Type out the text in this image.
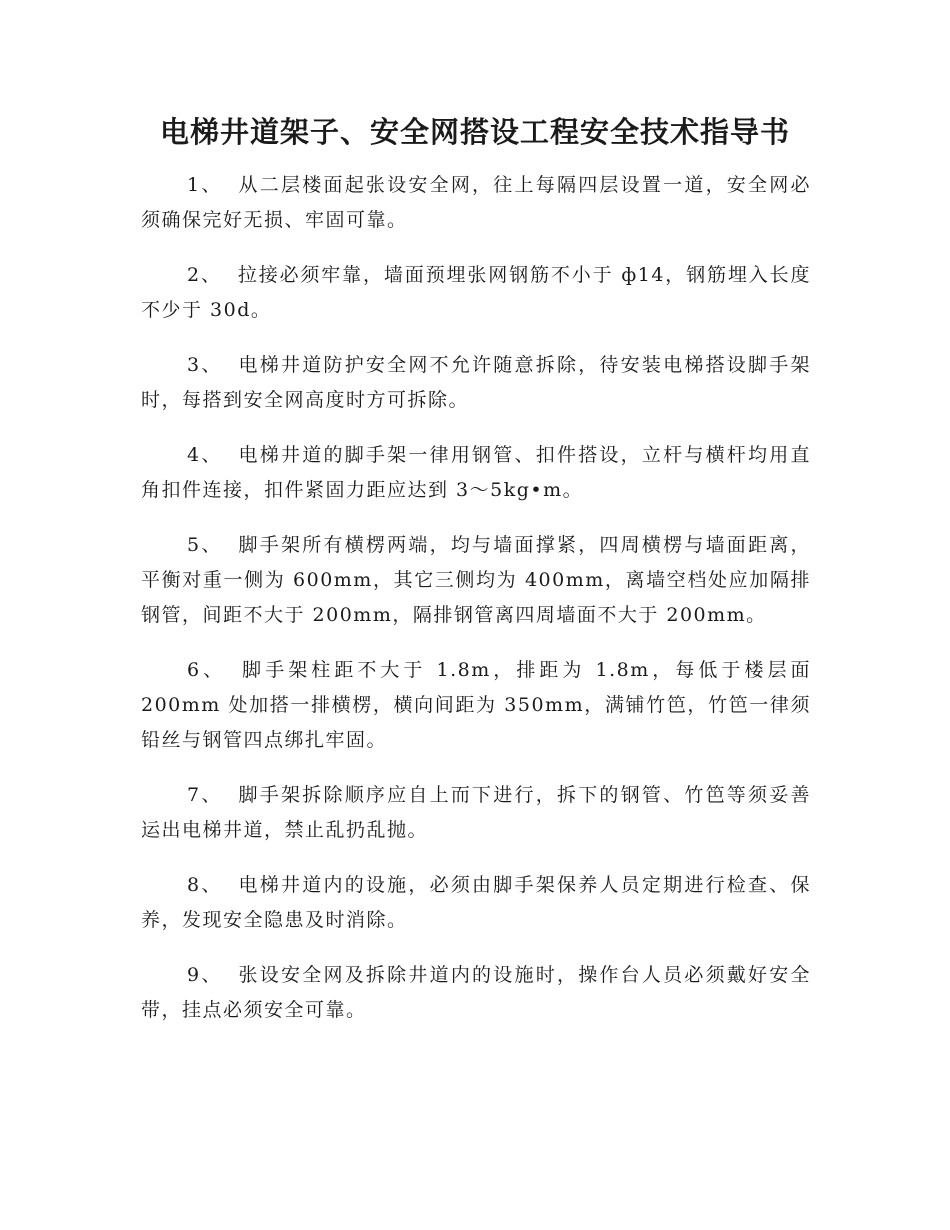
电梯井道架子、安全网搭设工程安全技术指导书

1、 从二层楼面起张设安全网，往上每隔四层设置一道，安全网必须确保完好无损、牢固可靠。

2、 拉接必须牢靠，墙面预埋张网钢筋不小于 ф14，钢筋埋入长度不少于 30d。

3、 电梯井道防护安全网不允许随意拆除，待安装电梯搭设脚手架时，每搭到安全网高度时方可拆除。

4、 电梯井道的脚手架一律用钢管、扣件搭设，立杆与横杆均用直角扣件连接，扣件紧固力距应达到 3～5kg•m。

5、 脚手架所有横楞两端，均与墙面撑紧，四周横楞与墙面距离，平衡对重一侧为 600mm，其它三侧均为 400mm，离墙空档处应加隔排钢管，间距不大于 200mm，隔排钢管离四周墙面不大于 200mm。

6、 脚手架柱距不大于 1.8m，排距为 1.8m，每低于楼层面 200mm 处加搭一排横楞，横向间距为 350mm，满铺竹笆，竹笆一律须铅丝与钢管四点绑扎牢固。

7、 脚手架拆除顺序应自上而下进行，拆下的钢管、竹笆等须妥善运出电梯井道，禁止乱扔乱抛。

8、 电梯井道内的设施，必须由脚手架保养人员定期进行检查、保养，发现安全隐患及时消除。

9、 张设安全网及拆除井道内的设施时，操作台人员必须戴好安全带，挂点必须安全可靠。
